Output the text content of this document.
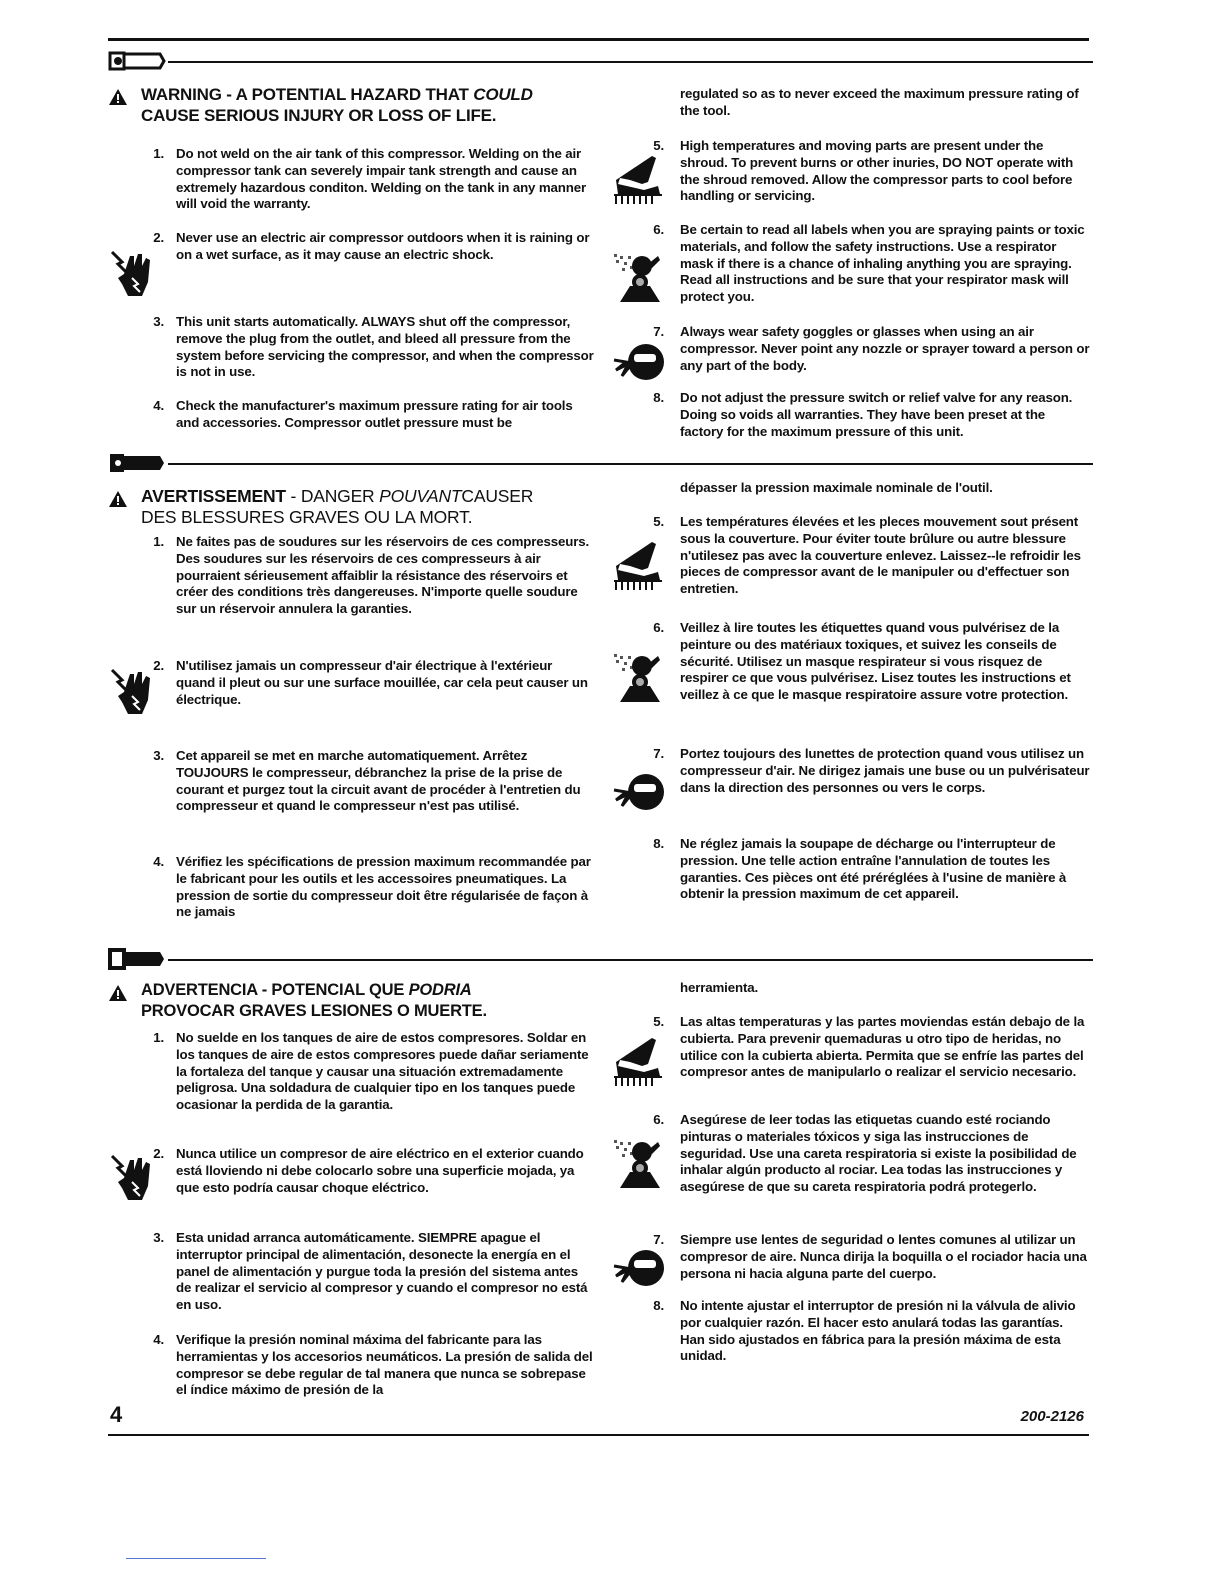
WARNING - A POTENTIAL HAZARD THAT COULD
CAUSE SERIOUS INJURY OR LOSS OF LIFE.
1. Do not weld on the air tank of this compressor. Welding on the air compressor tank can severely impair tank strength and cause an extremely hazardous conditon. Welding on the tank in any manner will void the warranty.
2. Never use an electric air compressor outdoors when it is raining or on a wet surface, as it may cause an electric shock.
3. This unit starts automatically. ALWAYS shut off the compressor, remove the plug from the outlet, and bleed all pressure from the system before servicing the compressor, and when the compressor is not in use.
4. Check the manufacturer's maximum pressure rating for air tools and accessories. Compressor outlet pressure must be
regulated so as to never exceed the maximum pressure rating of the tool.
5. High temperatures and moving parts are present under the shroud. To prevent burns or other inuries, DO NOT operate with the shroud removed. Allow the compressor parts to cool before handling or servicing.
6. Be certain to read all labels when you are spraying paints or toxic materials, and follow the safety instructions. Use a respirator mask if there is a chance of inhaling anything you are spraying. Read all instructions and be sure that your respirator mask will protect you.
7. Always wear safety goggles or glasses when using an air compressor. Never point any nozzle or sprayer toward a person or any part of the body.
8. Do not adjust the pressure switch or relief valve for any reason. Doing so voids all warranties. They have been preset at the factory for the maximum pressure of this unit.
AVERTISSEMENT - DANGER POUVANTCAUSER
DES BLESSURES GRAVES OU LA MORT.
1. Ne faites pas de soudures sur les réservoirs de ces compresseurs. Des soudures sur les réservoirs de ces compresseurs à air pourraient sérieusement affaiblir la résistance des réservoirs et créer des conditions très dangereuses. N'importe quelle soudure sur un réservoir annulera la garanties.
2. N'utilisez jamais un compresseur d'air électrique à l'extérieur quand il pleut ou sur une surface mouillée, car cela peut causer un électrique.
3. Cet appareil se met en marche automatiquement. Arrêtez TOUJOURS le compresseur, débranchez la prise de la prise de courant et purgez tout la circuit avant de procéder à l'entretien du compresseur et quand le compresseur n'est pas utilisé.
4. Vérifiez les spécifications de pression maximum recommandée par le fabricant pour les outils et les accessoires pneumatiques. La pression de sortie du compresseur doit être régularisée de façon à ne jamais
dépasser la pression maximale nominale de l'outil.
5. Les températures élevées et les pleces mouvement sout présent sous la couverture. Pour éviter toute brûlure ou autre blessure n'utilesez pas avec la couverture enlevez. Laissez--le refroidir les pieces de compressor avant de le manipuler ou d'effectuer son entretien.
6. Veillez à lire toutes les étiquettes quand vous pulvérisez de la peinture ou des matériaux toxiques, et suivez les conseils de sécurité. Utilisez un masque respirateur si vous risquez de respirer ce que vous pulvérisez. Lisez toutes les instructions et veillez à ce que le masque respiratoire assure votre protection.
7. Portez toujours des lunettes de protection quand vous utilisez un compresseur d'air. Ne dirigez jamais une buse ou un pulvérisateur dans la direction des personnes ou vers le corps.
8. Ne réglez jamais la soupape de décharge ou l'interrupteur de pression. Une telle action entraîne l'annulation de toutes les garanties. Ces pièces ont été préréglées à l'usine de manière à obtenir la pression maximum de cet appareil.
ADVERTENCIA - POTENCIAL QUE PODRIA
PROVOCAR GRAVES LESIONES O MUERTE.
1. No suelde en los tanques de aire de estos compresores. Soldar en los tanques de aire de estos compresores puede dañar seriamente la fortaleza del tanque y causar una situación extremadamente peligrosa. Una soldadura de cualquier tipo en los tanques puede ocasionar la perdida de la garantia.
2. Nunca utilice un compresor de aire eléctrico en el exterior cuando está lloviendo ni debe colocarlo sobre una superficie mojada, ya que esto podría causar choque eléctrico.
3. Esta unidad arranca automáticamente. SIEMPRE apague el interruptor principal de alimentación, desonecte la energía en el panel de alimentación y purgue toda la presión del sistema antes de realizar el servicio al compresor y cuando el compresor no está en uso.
4. Verifique la presión nominal máxima del fabricante para las herramientas y los accesorios neumáticos. La presión de salida del compresor se debe regular de tal manera que nunca se sobrepase el índice máximo de presión de la
herramienta.
5. Las altas temperaturas y las partes moviendas están debajo de la cubierta. Para prevenir quemaduras u otro tipo de heridas, no utilice con la cubierta abierta. Permita que se enfríe las partes del compresor antes de manipularlo o realizar el servicio necesario.
6. Asegúrese de leer todas las etiquetas cuando esté rociando pinturas o materiales tóxicos y siga las instrucciones de seguridad. Use una careta respiratoria si existe la posibilidad de inhalar algún producto al rociar. Lea todas las instrucciones y asegúrese de que su careta respiratoria podrá protegerlo.
7. Siempre use lentes de seguridad o lentes comunes al utilizar un compresor de aire. Nunca dirija la boquilla o el rociador hacia una persona ni hacia alguna parte del cuerpo.
8. No intente ajustar el interruptor de presión ni la válvula de alivio por cualquier razón. El hacer esto anulará todas las garantías. Han sido ajustados en fábrica para la presión máxima de esta unidad.
4	200-2126
